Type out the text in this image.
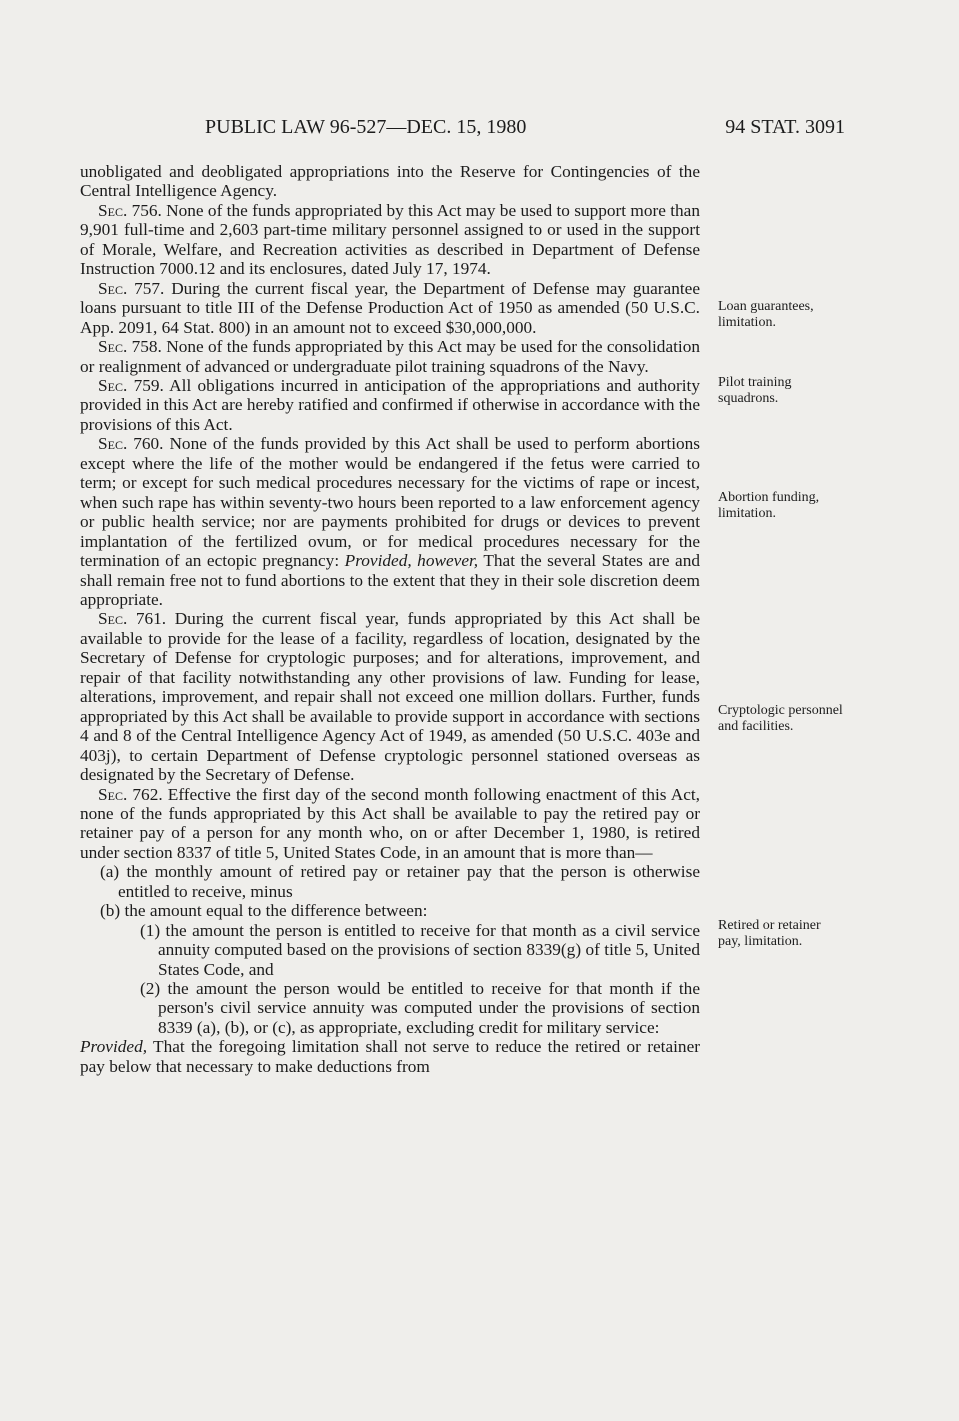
PUBLIC LAW 96-527—DEC. 15, 1980	94 STAT. 3091

unobligated and deobligated appropriations into the Reserve for Contingencies of the Central Intelligence Agency.

Sec. 756. None of the funds appropriated by this Act may be used to support more than 9,901 full-time and 2,603 part-time military personnel assigned to or used in the support of Morale, Welfare, and Recreation activities as described in Department of Defense Instruction 7000.12 and its enclosures, dated July 17, 1974.

Sec. 757. During the current fiscal year, the Department of Defense may guarantee loans pursuant to title III of the Defense Production Act of 1950 as amended (50 U.S.C. App. 2091, 64 Stat. 800) in an amount not to exceed $30,000,000.

Sec. 758. None of the funds appropriated by this Act may be used for the consolidation or realignment of advanced or undergraduate pilot training squadrons of the Navy.

Sec. 759. All obligations incurred in anticipation of the appropriations and authority provided in this Act are hereby ratified and confirmed if otherwise in accordance with the provisions of this Act.

Sec. 760. None of the funds provided by this Act shall be used to perform abortions except where the life of the mother would be endangered if the fetus were carried to term; or except for such medical procedures necessary for the victims of rape or incest, when such rape has within seventy-two hours been reported to a law enforcement agency or public health service; nor are payments prohibited for drugs or devices to prevent implantation of the fertilized ovum, or for medical procedures necessary for the termination of an ectopic pregnancy: Provided, however, That the several States are and shall remain free not to fund abortions to the extent that they in their sole discretion deem appropriate.

Sec. 761. During the current fiscal year, funds appropriated by this Act shall be available to provide for the lease of a facility, regardless of location, designated by the Secretary of Defense for cryptologic purposes; and for alterations, improvement, and repair of that facility notwithstanding any other provisions of law. Funding for lease, alterations, improvement, and repair shall not exceed one million dollars. Further, funds appropriated by this Act shall be available to provide support in accordance with sections 4 and 8 of the Central Intelligence Agency Act of 1949, as amended (50 U.S.C. 403e and 403j), to certain Department of Defense cryptologic personnel stationed overseas as designated by the Secretary of Defense.

Sec. 762. Effective the first day of the second month following enactment of this Act, none of the funds appropriated by this Act shall be available to pay the retired pay or retainer pay of a person for any month who, on or after December 1, 1980, is retired under section 8337 of title 5, United States Code, in an amount that is more than—

(a) the monthly amount of retired pay or retainer pay that the person is otherwise entitled to receive, minus

(b) the amount equal to the difference between:

(1) the amount the person is entitled to receive for that month as a civil service annuity computed based on the provisions of section 8339(g) of title 5, United States Code, and

(2) the amount the person would be entitled to receive for that month if the person's civil service annuity was computed under the provisions of section 8339 (a), (b), or (c), as appropriate, excluding credit for military service:

Provided, That the foregoing limitation shall not serve to reduce the retired or retainer pay below that necessary to make deductions from

Loan guarantees, limitation.
Pilot training squadrons.
Abortion funding, limitation.
Cryptologic personnel and facilities.
Retired or retainer pay, limitation.
